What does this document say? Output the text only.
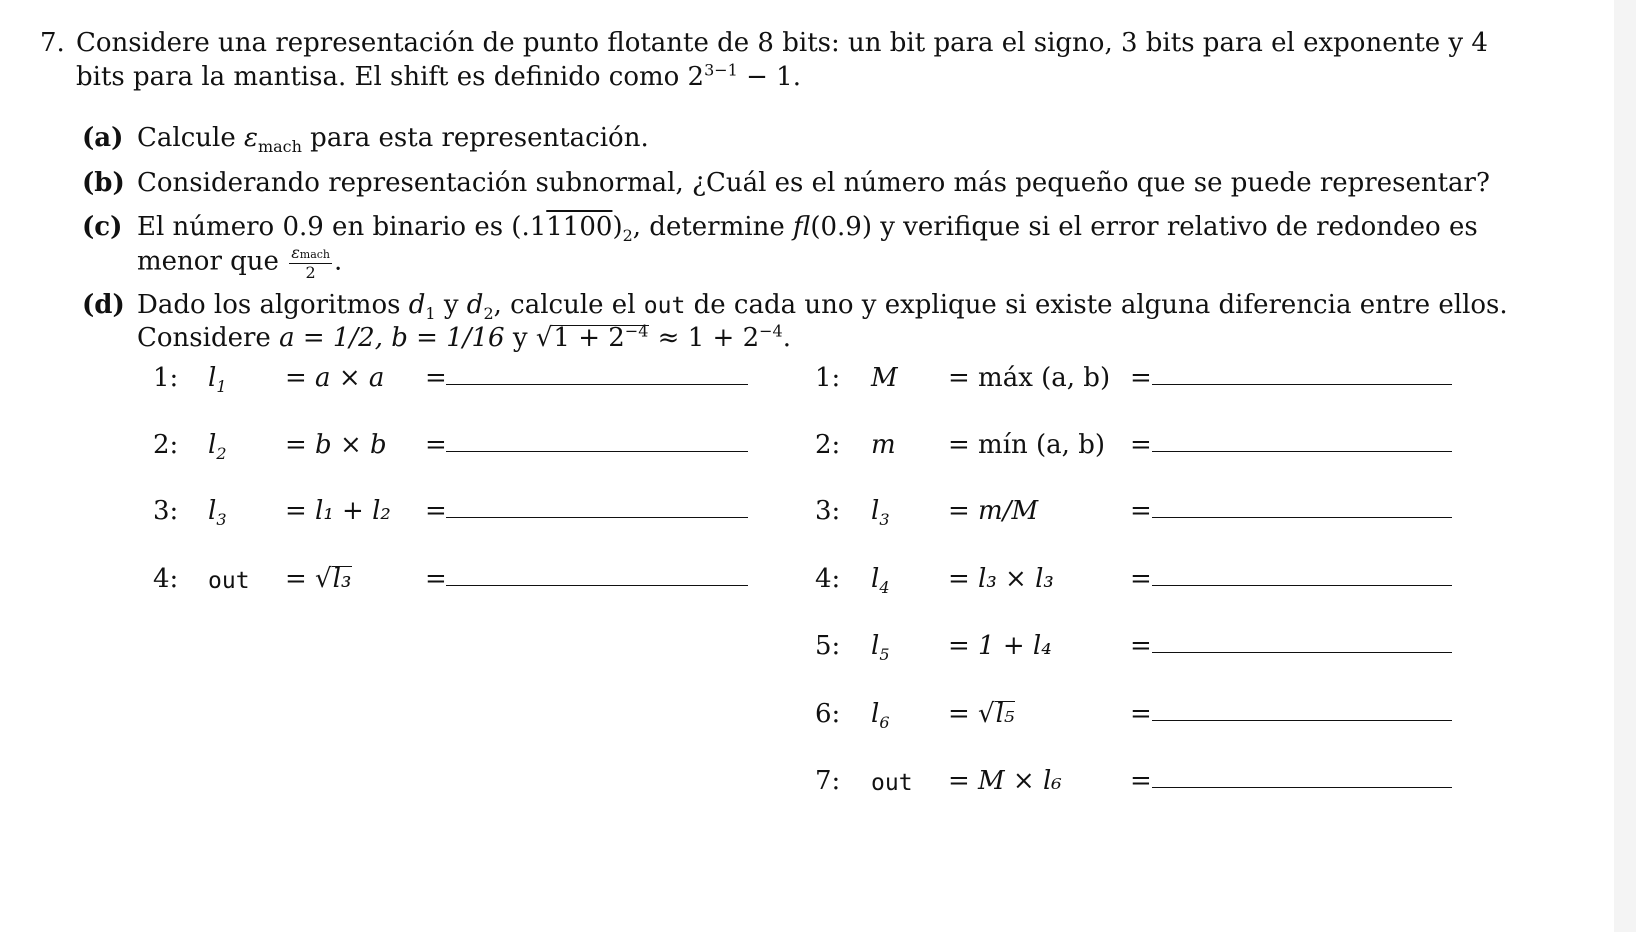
7. Considere una representación de punto flotante de 8 bits: un bit para el signo, 3 bits para el exponente y 4
bits para la mantisa. El shift es definido como $2^{3-1} - 1$.
(a) Calcule $\varepsilon_{mach}$ para esta representación.
(b) Considerando representación subnormal, ¿Cuál es el número más pequeño que se puede representar?
(c) El número 0.9 en binario es $(.11100)_2$, determine fl(0.9) y verifique si el error relativo de redondeo es
menor que $\frac{\text{εmach}}{2}$ .
(d) Dado los algoritmos $d_1$ y $d_2$, calcule el out de cada uno y explique si existe alguna diferencia entre ellos.
Considere a = 1/2, b = 1/16 y $√1 + 2^{-4} \approx 1 + 2^{-4}$.
1: $l_1 = a \times a$ =
2: $l_2 = b \times b$ =
3: $l_3 = l_1 + l_2$ =
4: out = √l₃	=
1: M = máx (a, b) =
2: m = mín (a, b) =
3: $l_3 = m/M$	=
4: $l_4 = l_3 \times l_3$	=
5: $l_5 = 1 + l_4$	=
6: $l_6 = √l_5$	=
7: out = M × l₆	=
